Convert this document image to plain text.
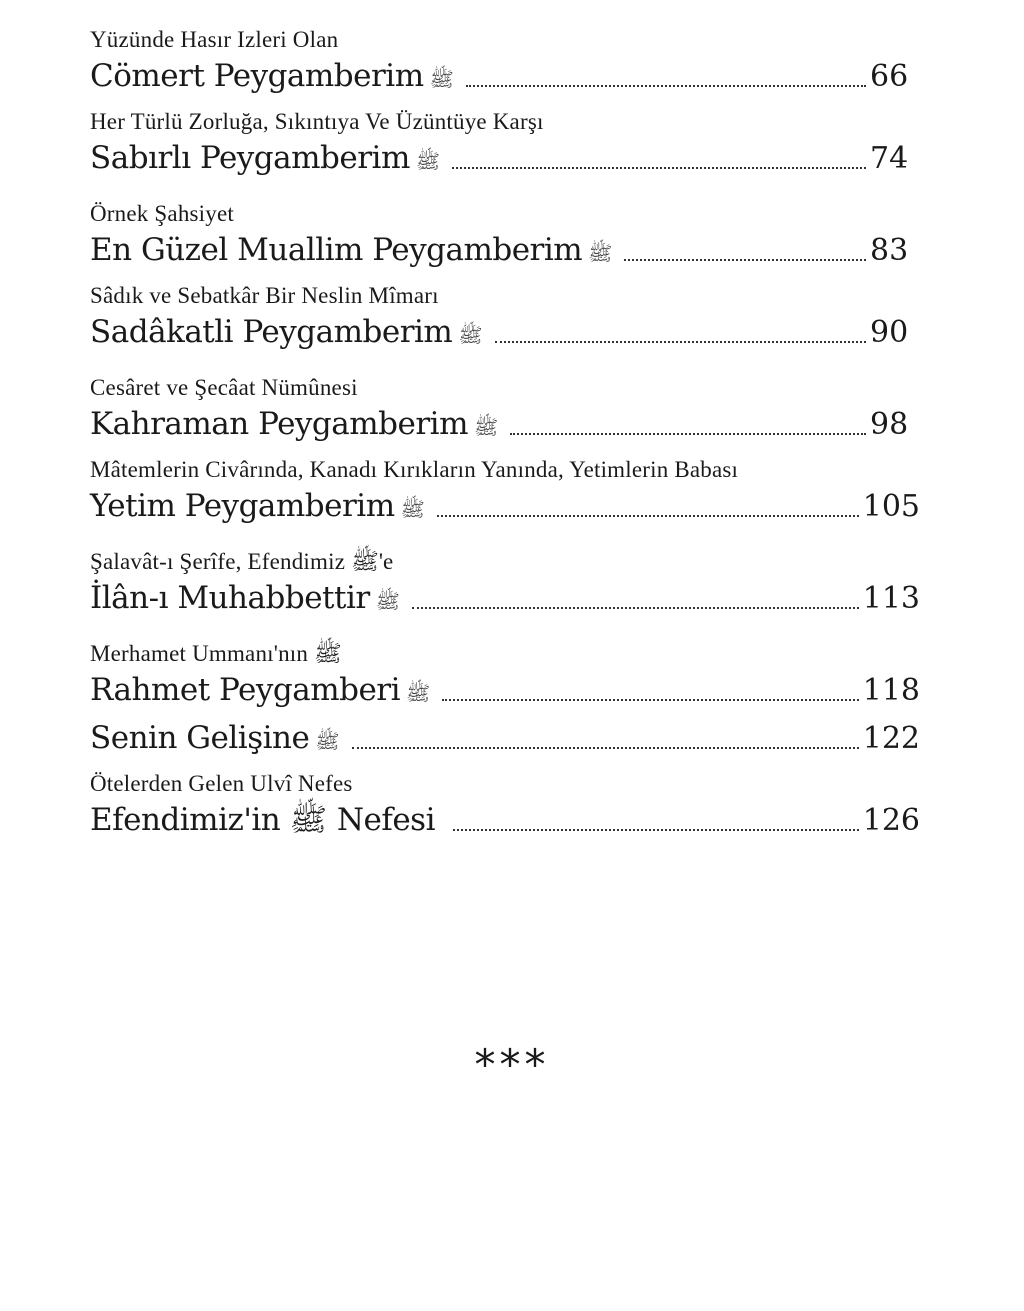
Yüzünde Hasır Izleri Olan
Cömert Peygamberim ﷺ	66
Her Türlü Zorluğa, Sıkıntıya Ve Üzüntüye Karşı
Sabırlı Peygamberim ﷺ	74
Örnek Şahsiyet
En Güzel Muallim Peygamberim ﷺ	83
Sâdık ve Sebatkâr Bir Neslin Mîmarı
Sadâkatli Peygamberim ﷺ	90
Cesâret ve Şecâat Nümûnesi
Kahraman Peygamberim ﷺ	98
Mâtemlerin Civârında, Kanadı Kırıkların Yanında, Yetimlerin Babası
Yetim Peygamberim ﷺ	105
Şalavât-ı Şerîfe, Efendimiz ﷺ'e
İlân-ı Muhabbettir ﷺ	113
Merhamet Ummanı'nın ﷺ
Rahmet Peygamberi ﷺ	118
Senin Gelişine ﷺ	122
Ötelerden Gelen Ulvî Nefes
Efendimiz'in ﷺ Nefesi	126
***
